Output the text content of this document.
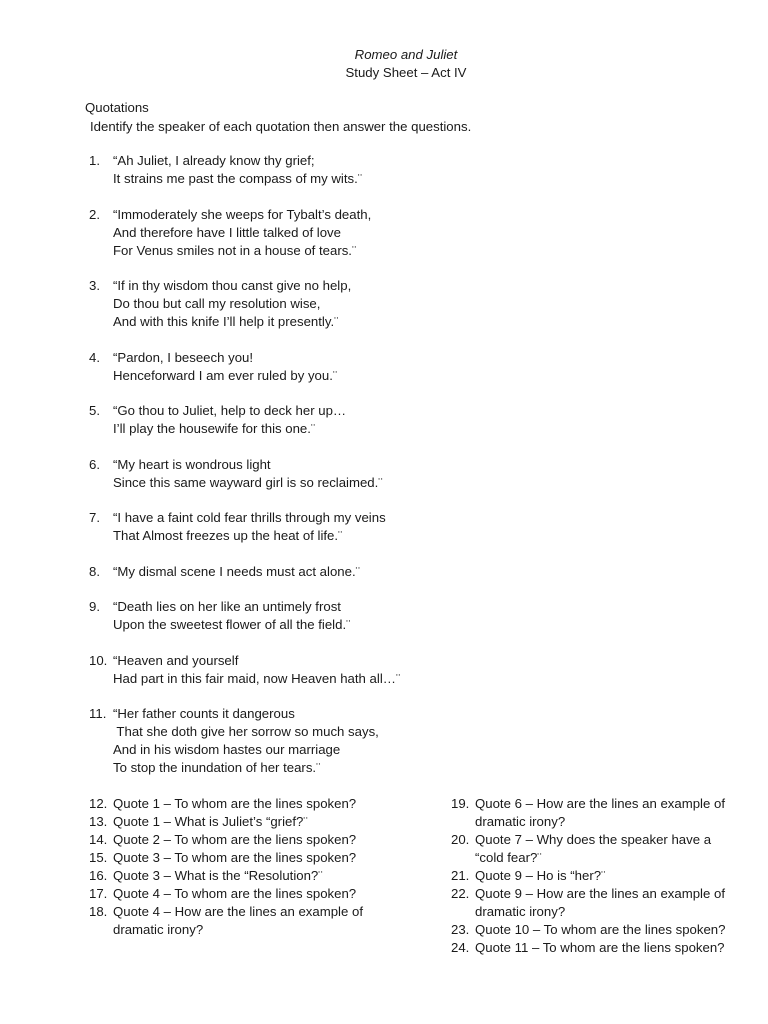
Romeo and Juliet
Study Sheet – Act IV
Quotations
Identify the speaker of each quotation then answer the questions.
1. “Ah Juliet, I already know thy grief;
It strains me past the compass of my wits.¨
2. “Immoderately she weeps for Tybalt’s death,
And therefore have I little talked of love
For Venus smiles not in a house of tears.¨
3. “If in thy wisdom thou canst give no help,
Do thou but call my resolution wise,
And with this knife I’ll help it presently.¨
4. “Pardon, I beseech you!
Henceforward I am ever ruled by you.¨
5. “Go thou to Juliet, help to deck her up…
I’ll play the housewife for this one.¨
6. “My heart is wondrous light
Since this same wayward girl is so reclaimed.¨
7. “I have a faint cold fear thrills through my veins
That Almost freezes up the heat of life.¨
8. “My dismal scene I needs must act alone.¨
9. “Death lies on her like an untimely frost
Upon the sweetest flower of all the field.¨
10. “Heaven and yourself
Had part in this fair maid, now Heaven hath all…¨
11. “Her father counts it dangerous
That she doth give her sorrow so much says,
And in his wisdom hastes our marriage
To stop the inundation of her tears.¨
12. Quote 1 – To whom are the lines spoken?
13. Quote 1 – What is Juliet’s “grief?¨
14. Quote 2 – To whom are the liens spoken?
15. Quote 3 – To whom are the lines spoken?
16. Quote 3 – What is the “Resolution?¨
17. Quote 4 – To whom are the lines spoken?
18. Quote 4 – How are the lines an example of dramatic irony?
19. Quote 6 – How are the lines an example of dramatic irony?
20. Quote 7 – Why does the speaker have a “cold fear?¨
21. Quote 9 – Ho is “her?¨
22. Quote 9 – How are the lines an example of dramatic irony?
23. Quote 10 – To whom are the lines spoken?
24. Quote 11 – To whom are the liens spoken?
